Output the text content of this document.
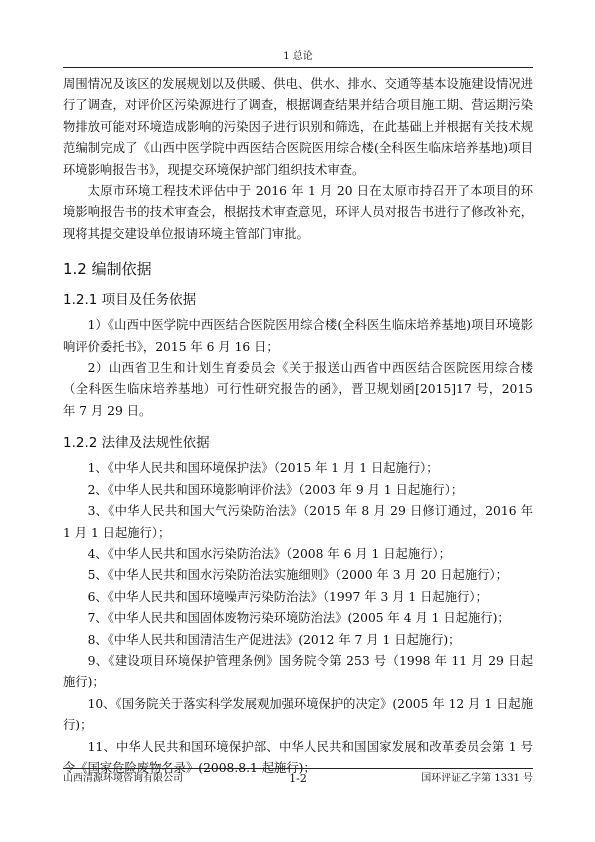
1 总论

周围情况及该区的发展规划以及供暖、供电、供水、排水、交通等基本设施建设情况进行了调查，对评价区污染源进行了调查，根据调查结果并结合项目施工期、营运期污染物排放可能对环境造成影响的污染因子进行识别和筛选，在此基础上并根据有关技术规范编制完成了《山西中医学院中西医结合医院医用综合楼(全科医生临床培养基地)项目环境影响报告书》，现提交环境保护部门组织技术审查。

太原市环境工程技术评估中于 2016 年 1 月 20 日在太原市持召开了本项目的环境影响报告书的技术审查会，根据技术审查意见，环评人员对报告书进行了修改补充，现将其提交建设单位报请环境主管部门审批。

1.2 编制依据
1.2.1 项目及任务依据

1）《山西中医学院中西医结合医院医用综合楼(全科医生临床培养基地)项目环境影响评价委托书》，2015 年 6 月 16 日；

2）山西省卫生和计划生育委员会《关于报送山西省中西医结合医院医用综合楼（全科医生临床培养基地）可行性研究报告的函》，晋卫规划函[2015]17 号，2015 年 7 月 29 日。

1.2.2 法律及法规性依据

1、《中华人民共和国环境保护法》（2015 年 1 月 1 日起施行）；

2、《中华人民共和国环境影响评价法》（2003 年 9 月 1 日起施行）；

3、《中华人民共和国大气污染防治法》（2015 年 8 月 29 日修订通过，2016 年 1 月 1 日起施行）；

4、《中华人民共和国水污染防治法》（2008 年 6 月 1 日起施行）；

5、《中华人民共和国水污染防治法实施细则》（2000 年 3 月 20 日起施行）；

6、《中华人民共和国环境噪声污染防治法》（1997 年 3 月 1 日起施行）；

7、《中华人民共和国固体废物污染环境防治法》(2005 年 4 月 1 日起施行)；

8、《中华人民共和国清洁生产促进法》(2012 年 7 月 1 日起施行)；

9、《建设项目环境保护管理条例》国务院令第 253 号（1998 年 11 月 29 日起施行)；

10、《国务院关于落实科学发展观加强环境保护的决定》(2005 年 12 月 1 日起施行)；

11、中华人民共和国环境保护部、中华人民共和国国家发展和改革委员会第 1 号令《国家危险废物名录》(2008.8.1 起施行)；

山西清源环境咨询有限公司	1-2	国环评证乙字第 1331 号
